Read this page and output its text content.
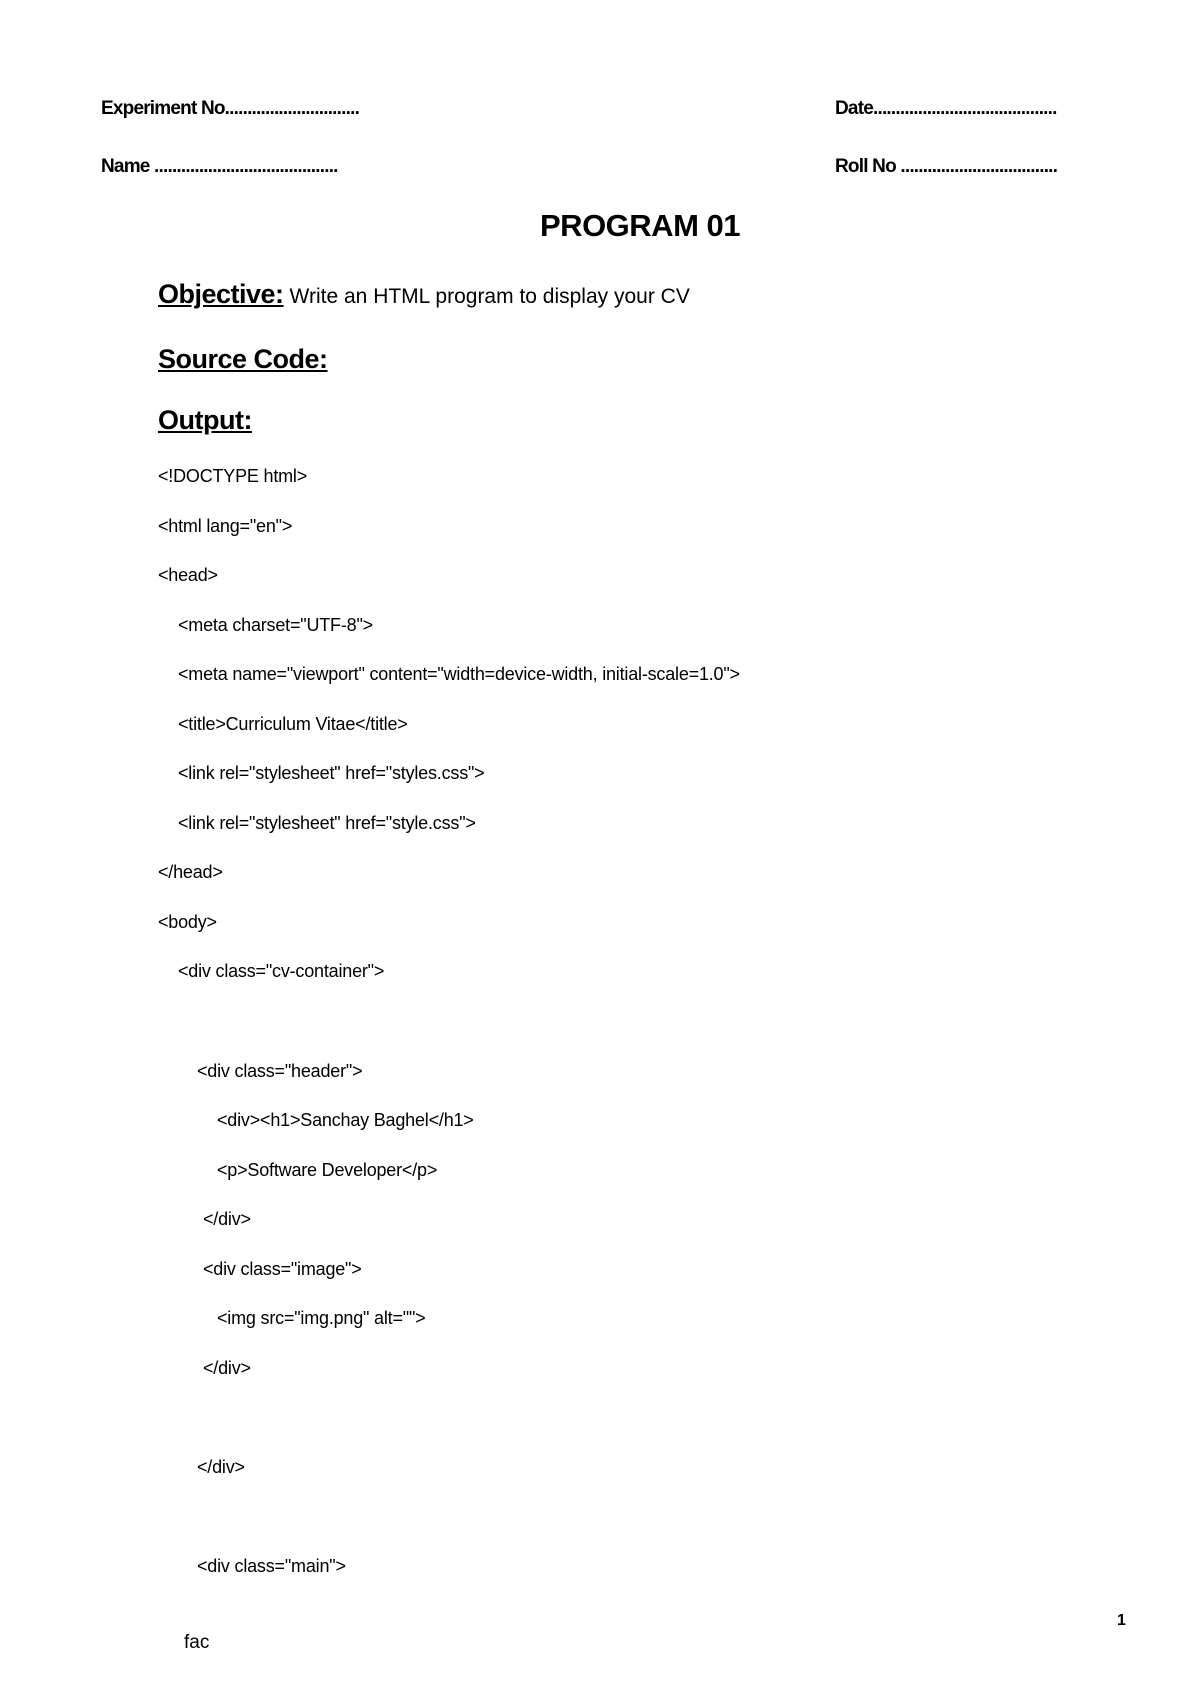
Experiment No..............................	Date.........................................
Name .........................................	Roll No ...................................
PROGRAM 01
Objective: Write an HTML program to display your CV
Source Code:
Output:
<!DOCTYPE html>
<html lang="en">
<head>
<meta charset="UTF-8">
<meta name="viewport" content="width=device-width, initial-scale=1.0">
<title>Curriculum Vitae</title>
<link rel="stylesheet" href="styles.css">
<link rel="stylesheet" href="style.css">
</head>
<body>
<div class="cv-container">
<div class="header">
<div><h1>Sanchay Baghel</h1>
<p>Software Developer</p>
</div>
<div class="image">
<img src="img.png" alt="">
</div>
</div>
<div class="main">
1
fac
